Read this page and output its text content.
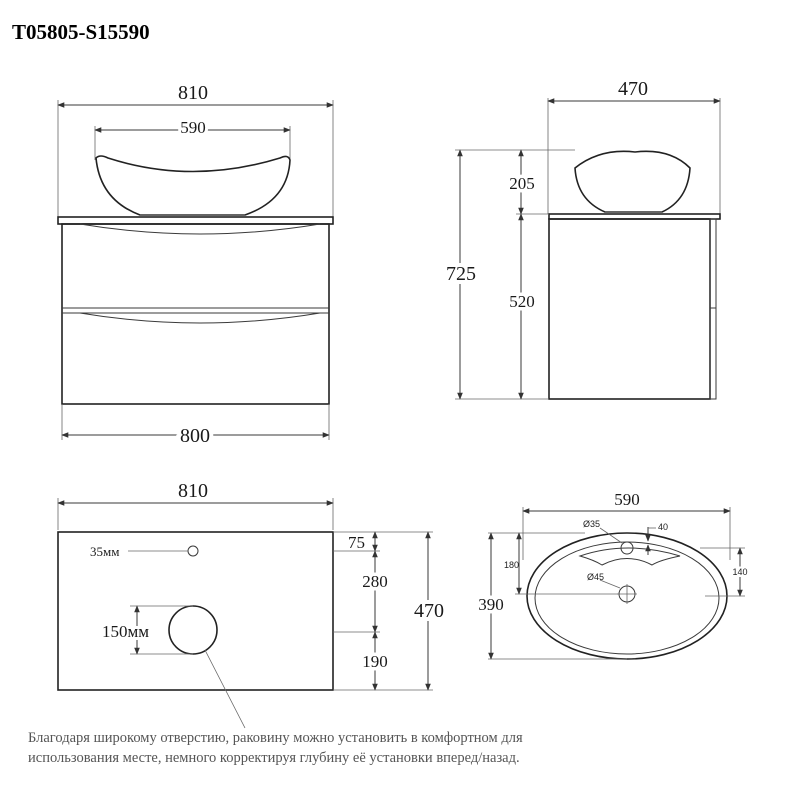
T05805-S15590
810
590
800
470
725
205
520
810
35мм
150мм
75
280
190
470
590
Ø35
Ø45
40
180
390
140
Благодаря широкому отверстию, раковину можно установить в комфортном для
использования месте, немного корректируя глубину её установки вперед/назад.
